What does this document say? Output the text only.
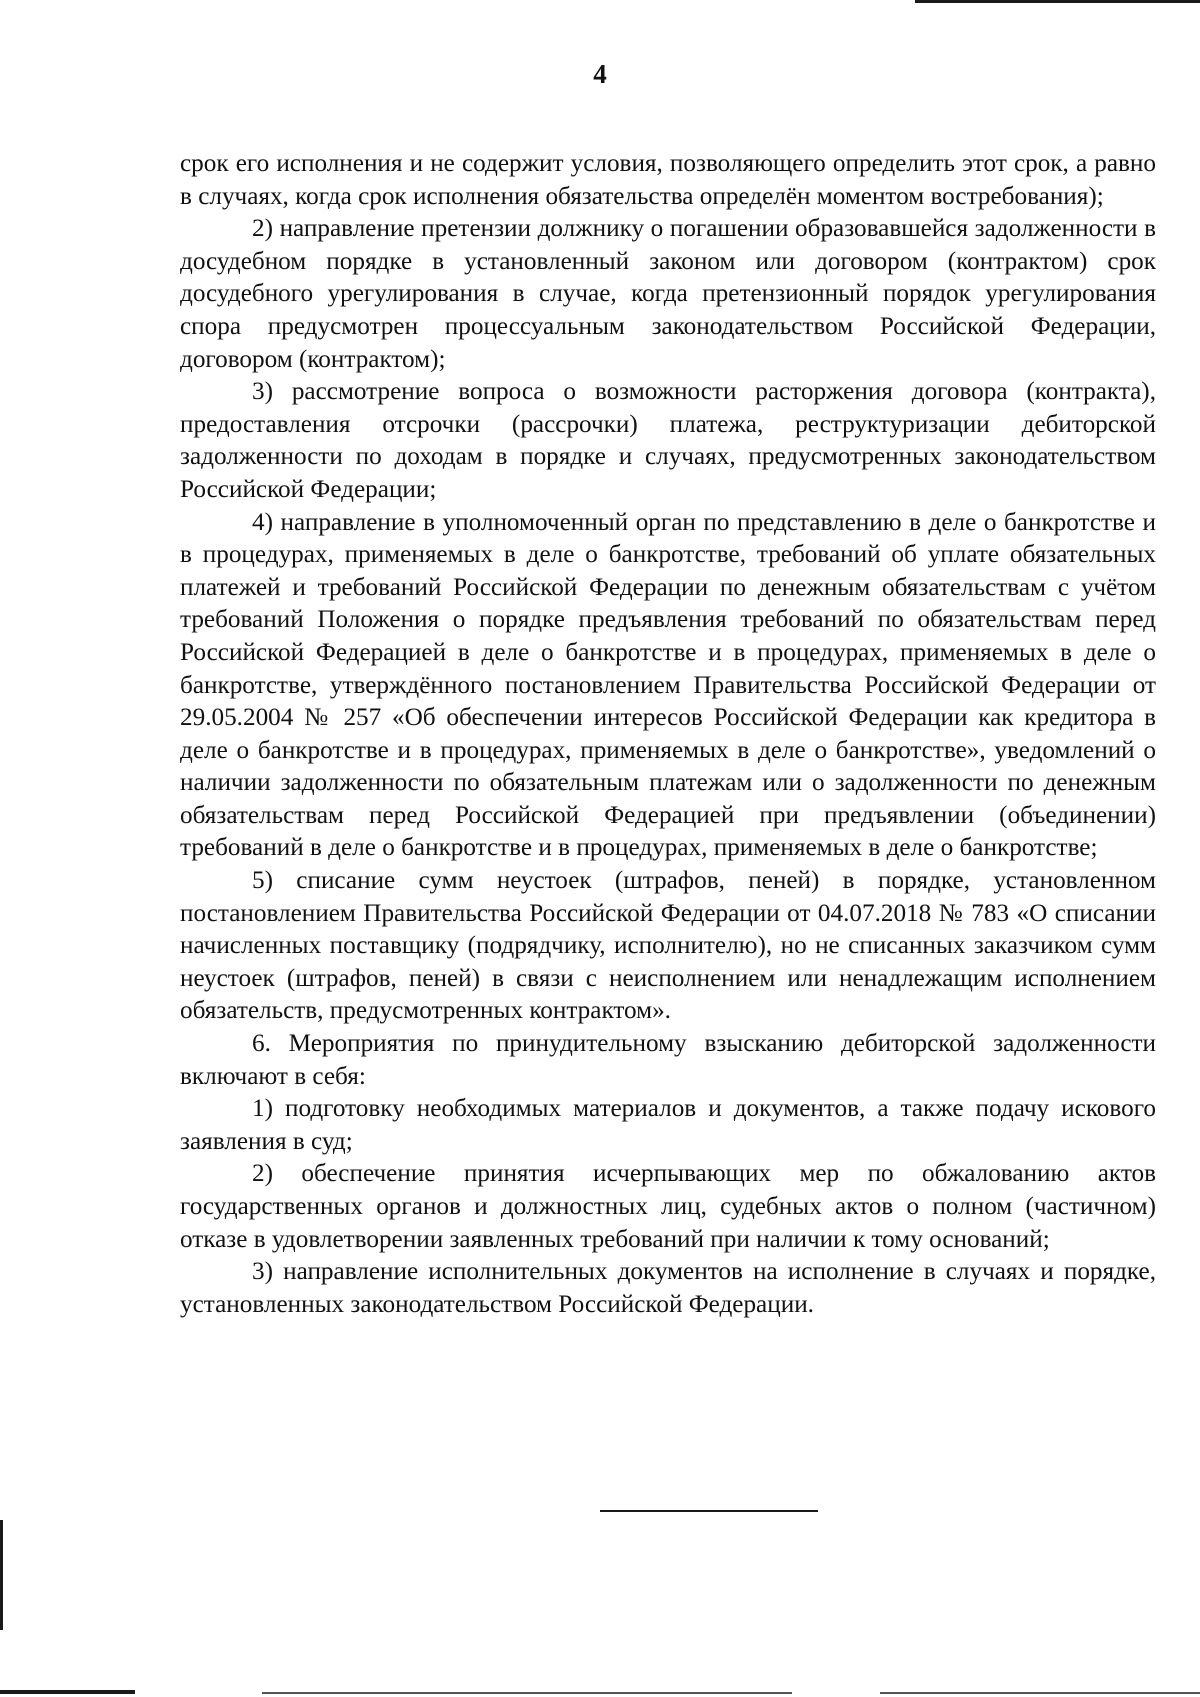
4

срок его исполнения и не содержит условия, позволяющего определить этот срок, а равно в случаях, когда срок исполнения обязательства определён моментом востребования);

2) направление претензии должнику о погашении образовавшейся задолженности в досудебном порядке в установленный законом или договором (контрактом) срок досудебного урегулирования в случае, когда претензионный порядок урегулирования спора предусмотрен процессуальным законодательством Российской Федерации, договором (контрактом);

3) рассмотрение вопроса о возможности расторжения договора (контракта), предоставления отсрочки (рассрочки) платежа, реструктуризации дебиторской задолженности по доходам в порядке и случаях, предусмотренных законодательством Российской Федерации;

4) направление в уполномоченный орган по представлению в деле о банкротстве и в процедурах, применяемых в деле о банкротстве, требований об уплате обязательных платежей и требований Российской Федерации по денежным обязательствам с учётом требований Положения о порядке предъявления требований по обязательствам перед Российской Федерацией в деле о банкротстве и в процедурах, применяемых в деле о банкротстве, утверждённого постановлением Правительства Российской Федерации от 29.05.2004 № 257 «Об обеспечении интересов Российской Федерации как кредитора в деле о банкротстве и в процедурах, применяемых в деле о банкротстве», уведомлений о наличии задолженности по обязательным платежам или о задолженности по денежным обязательствам перед Российской Федерацией при предъявлении (объединении) требований в деле о банкротстве и в процедурах, применяемых в деле о банкротстве;

5) списание сумм неустоек (штрафов, пеней) в порядке, установленном постановлением Правительства Российской Федерации от 04.07.2018 № 783 «О списании начисленных поставщику (подрядчику, исполнителю), но не списанных заказчиком сумм неустоек (штрафов, пеней) в связи с неисполнением или ненадлежащим исполнением обязательств, предусмотренных контрактом».

6. Мероприятия по принудительному взысканию дебиторской задолженности включают в себя:

1) подготовку необходимых материалов и документов, а также подачу искового заявления в суд;

2) обеспечение принятия исчерпывающих мер по обжалованию актов государственных органов и должностных лиц, судебных актов о полном (частичном) отказе в удовлетворении заявленных требований при наличии к тому оснований;

3) направление исполнительных документов на исполнение в случаях и порядке, установленных законодательством Российской Федерации.
